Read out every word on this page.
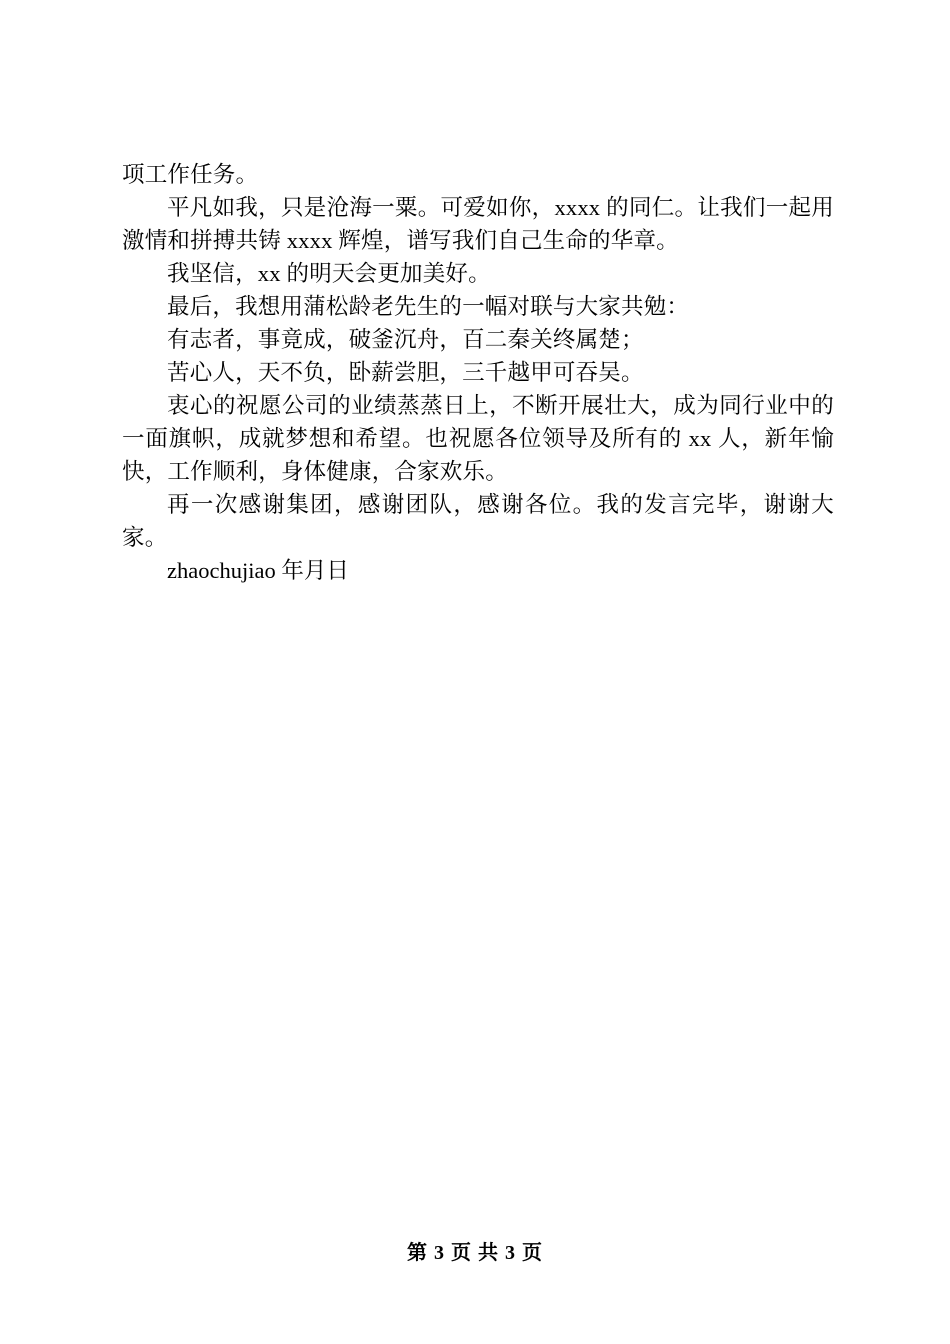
项工作任务。

平凡如我，只是沧海一粟。可爱如你，xxxx 的同仁。让我们一起用激情和拼搏共铸 xxxx 辉煌，谱写我们自己生命的华章。

我坚信，xx 的明天会更加美好。

最后，我想用蒲松龄老先生的一幅对联与大家共勉：

有志者，事竟成，破釜沉舟，百二秦关终属楚；

苦心人，天不负，卧薪尝胆，三千越甲可吞吴。

衷心的祝愿公司的业绩蒸蒸日上，不断开展壮大，成为同行业中的一面旗帜，成就梦想和希望。也祝愿各位领导及所有的 xx 人，新年愉快，工作顺利，身体健康，合家欢乐。

再一次感谢集团，感谢团队，感谢各位。我的发言完毕，谢谢大家。

zhaochujiao 年月日

第 3 页 共 3 页
